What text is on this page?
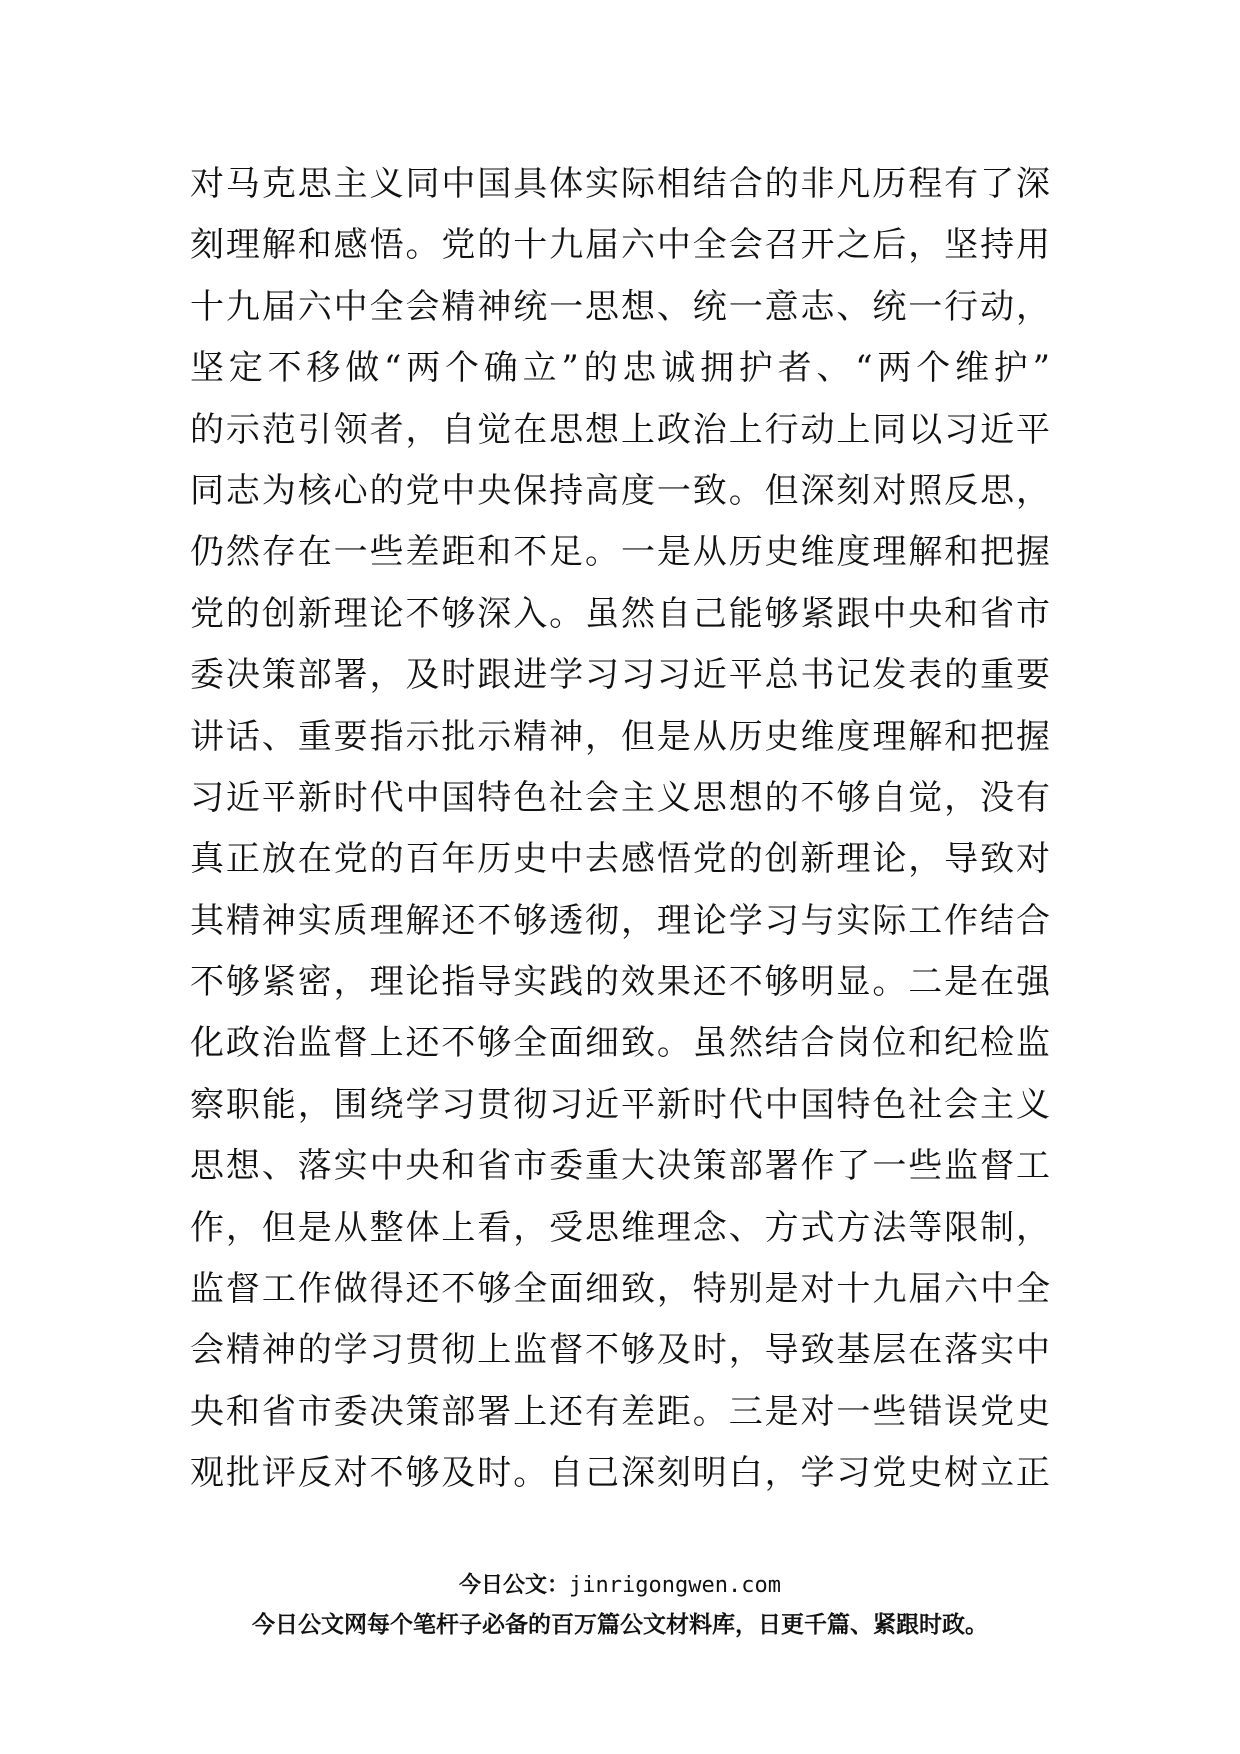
对马克思主义同中国具体实际相结合的非凡历程有了深
刻理解和感悟。党的十九届六中全会召开之后，坚持用
十九届六中全会精神统一思想、统一意志、统一行动，
坚定不移做“两个确立”的忠诚拥护者、“两个维护”
的示范引领者，自觉在思想上政治上行动上同以习近平
同志为核心的党中央保持高度一致。但深刻对照反思，
仍然存在一些差距和不足。一是从历史维度理解和把握
党的创新理论不够深入。虽然自己能够紧跟中央和省市
委决策部署，及时跟进学习习习近平总书记发表的重要
讲话、重要指示批示精神，但是从历史维度理解和把握
习近平新时代中国特色社会主义思想的不够自觉，没有
真正放在党的百年历史中去感悟党的创新理论，导致对
其精神实质理解还不够透彻，理论学习与实际工作结合
不够紧密，理论指导实践的效果还不够明显。二是在强
化政治监督上还不够全面细致。虽然结合岗位和纪检监
察职能，围绕学习贯彻习近平新时代中国特色社会主义
思想、落实中央和省市委重大决策部署作了一些监督工
作，但是从整体上看，受思维理念、方式方法等限制，
监督工作做得还不够全面细致，特别是对十九届六中全
会精神的学习贯彻上监督不够及时，导致基层在落实中
央和省市委决策部署上还有差距。三是对一些错误党史
观批评反对不够及时。自己深刻明白，学习党史树立正
今日公文：jinrigongwen.com
今日公文网每个笔杆子必备的百万篇公文材料库，日更千篇、紧跟时政。
